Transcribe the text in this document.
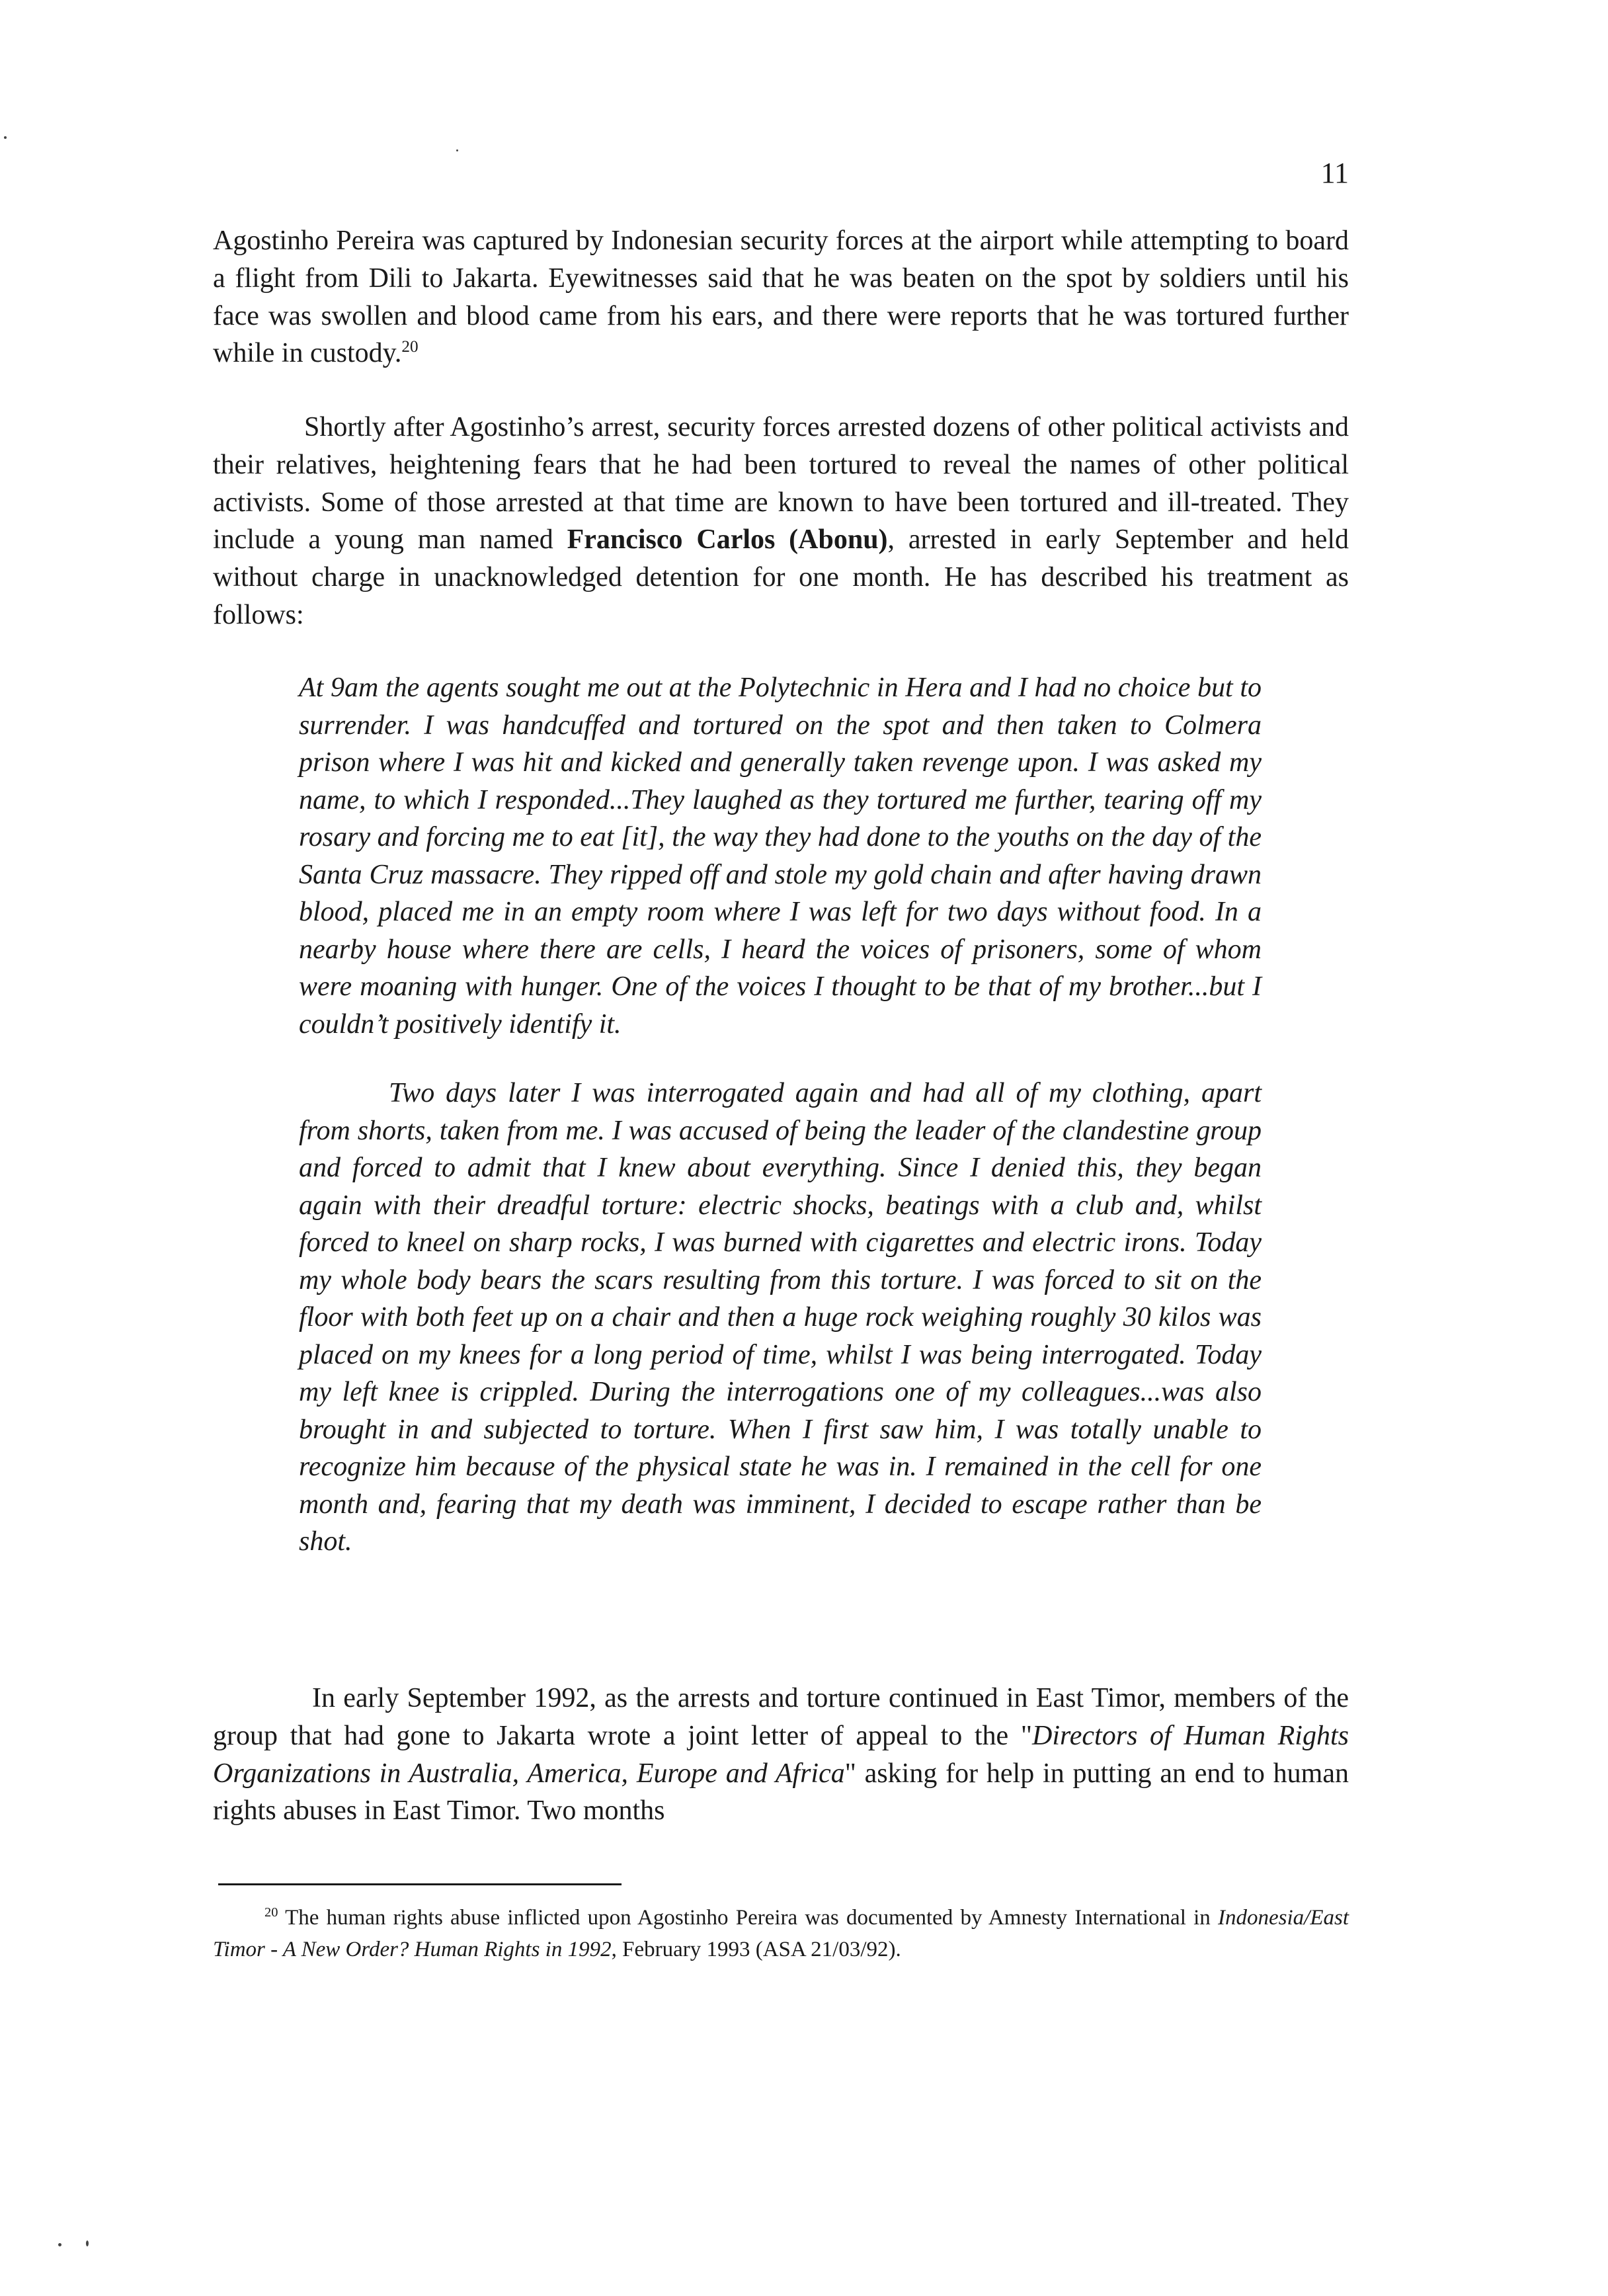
11

Agostinho Pereira was captured by Indonesian security forces at the airport while attempting to board a flight from Dili to Jakarta. Eyewitnesses said that he was beaten on the spot by soldiers until his face was swollen and blood came from his ears, and there were reports that he was tortured further while in custody.$^{20}$

Shortly after Agostinho’s arrest, security forces arrested dozens of other political activists and their relatives, heightening fears that he had been tortured to reveal the names of other political activists. Some of those arrested at that time are known to have been tortured and ill-treated. They include a young man named Francisco Carlos (Abonu), arrested in early September and held without charge in unacknowledged detention for one month. He has described his treatment as follows:

At 9am the agents sought me out at the Polytechnic in Hera and I had no choice but to surrender. I was handcuffed and tortured on the spot and then taken to Colmera prison where I was hit and kicked and generally taken revenge upon. I was asked my name, to which I responded...They laughed as they tortured me further, tearing off my rosary and forcing me to eat [it], the way they had done to the youths on the day of the Santa Cruz massacre. They ripped off and stole my gold chain and after having drawn blood, placed me in an empty room where I was left for two days without food. In a nearby house where there are cells, I heard the voices of prisoners, some of whom were moaning with hunger. One of the voices I thought to be that of my brother...but I couldn’t positively identify it.

Two days later I was interrogated again and had all of my clothing, apart from shorts, taken from me. I was accused of being the leader of the clandestine group and forced to admit that I knew about everything. Since I denied this, they began again with their dreadful torture: electric shocks, beatings with a club and, whilst forced to kneel on sharp rocks, I was burned with cigarettes and electric irons. Today my whole body bears the scars resulting from this torture. I was forced to sit on the floor with both feet up on a chair and then a huge rock weighing roughly 30 kilos was placed on my knees for a long period of time, whilst I was being interrogated. Today my left knee is crippled. During the interrogations one of my colleagues...was also brought in and subjected to torture. When I first saw him, I was totally unable to recognize him because of the physical state he was in. I remained in the cell for one month and, fearing that my death was imminent, I decided to escape rather than be shot.

In early September 1992, as the arrests and torture continued in East Timor, members of the group that had gone to Jakarta wrote a joint letter of appeal to the "Directors of Human Rights Organizations in Australia, America, Europe and Africa" asking for help in putting an end to human rights abuses in East Timor. Two months

$^{20}$ The human rights abuse inflicted upon Agostinho Pereira was documented by Amnesty International in Indonesia/East Timor - A New Order? Human Rights in 1992, February 1993 (ASA 21/03/92).
